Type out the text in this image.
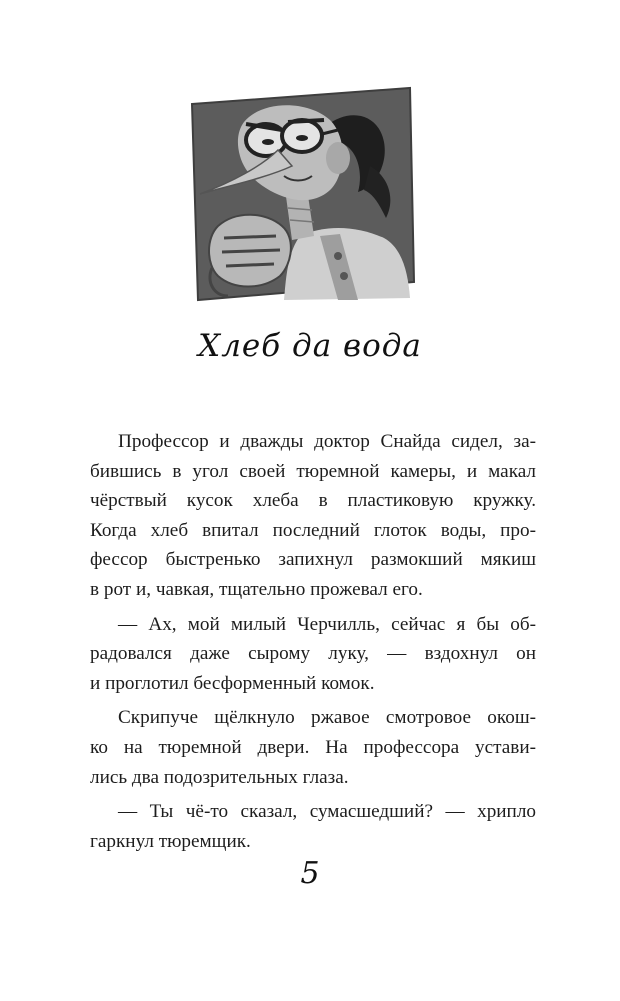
Хлеб да вода
Профессор и дважды доктор Снайда сидел, за-
бившись в угол своей тюремной камеры, и макал
чёрствый кусок хлеба в пластиковую кружку.
Когда хлеб впитал последний глоток воды, про-
фессор быстренько запихнул размокший мякиш
в рот и, чавкая, тщательно прожевал его.
— Ах, мой милый Черчилль, сейчас я бы об-
радовался даже сырому луку, — вздохнул он
и проглотил бесформенный комок.
Скрипуче щёлкнуло ржавое смотровое окош-
ко на тюремной двери. На профессора устави-
лись два подозрительных глаза.
— Ты чё-то сказал, сумасшедший? — хрипло
гаркнул тюремщик.
5
